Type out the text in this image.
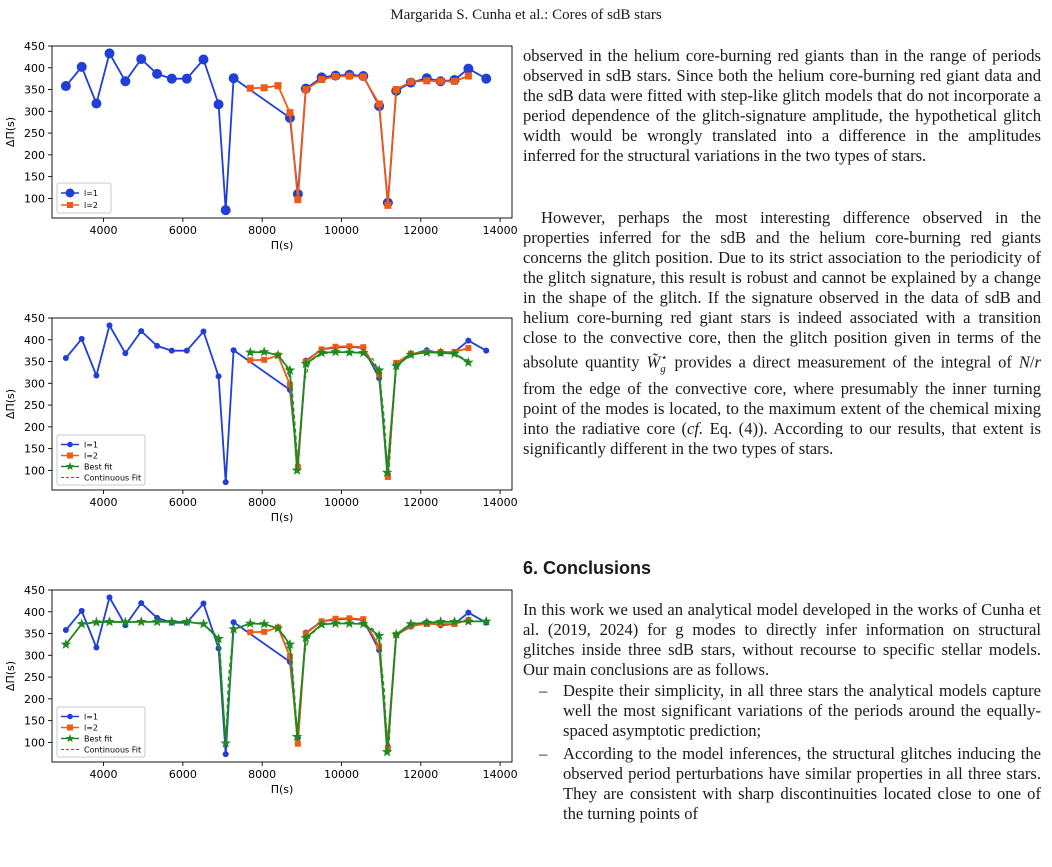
Margarida S. Cunha et al.: Cores of sdB stars
4000	6000	8000	10000	12000	14000
100
150
200
250
300
350
400
450
Π(s)
ΔΠ(s)
l=1
l=2
4000	6000	8000	10000	12000	14000
100
150
200
250
300
350
400
450
Π(s)
ΔΠ(s)
l=1
l=2
Best fit
Continuous Fit
4000	6000	8000	10000	12000	14000
100
150
200
250
300
350
400
450
Π(s)
ΔΠ(s)
l=1
l=2
Best fit
Continuous Fit

observed in the helium core-burning red giants than in the range of periods observed in sdB stars. Since both the helium core-burning red giant data and the sdB data were fitted with step-like glitch models that do not incorporate a period dependence of the glitch-signature amplitude, the hypothetical glitch width would be wrongly translated into a difference in the amplitudes inferred for the structural variations in the two types of stars.

However, perhaps the most interesting difference observed in the properties inferred for the sdB and the helium core-burning red giants concerns the glitch position. Due to its strict association to the periodicity of the glitch signature, this result is robust and cannot be explained by a change in the shape of the glitch. If the signature observed in the data of sdB and helium core-burning red giant stars is indeed associated with a transition close to the convective core, then the glitch position given in terms of the absolute quantity $W̃_g^⋆$ provides a direct measurement of the integral of N/r from the edge of the convective core, where presumably the inner turning point of the modes is located, to the maximum extent of the chemical mixing into the radiative core (cf. Eq. (4)). According to our results, that extent is significantly different in the two types of stars.

6. Conclusions

In this work we used an analytical model developed in the works of Cunha et al. (2019, 2024) for g modes to directly infer information on structural glitches inside three sdB stars, without recourse to specific stellar models. Our main conclusions are as follows.

– Despite their simplicity, in all three stars the analytical models capture well the most significant variations of the periods around the equally-spaced asymptotic prediction;
– According to the model inferences, the structural glitches inducing the observed period perturbations have similar properties in all three stars. They are consistent with sharp discontinuities located close to one of the turning points of
